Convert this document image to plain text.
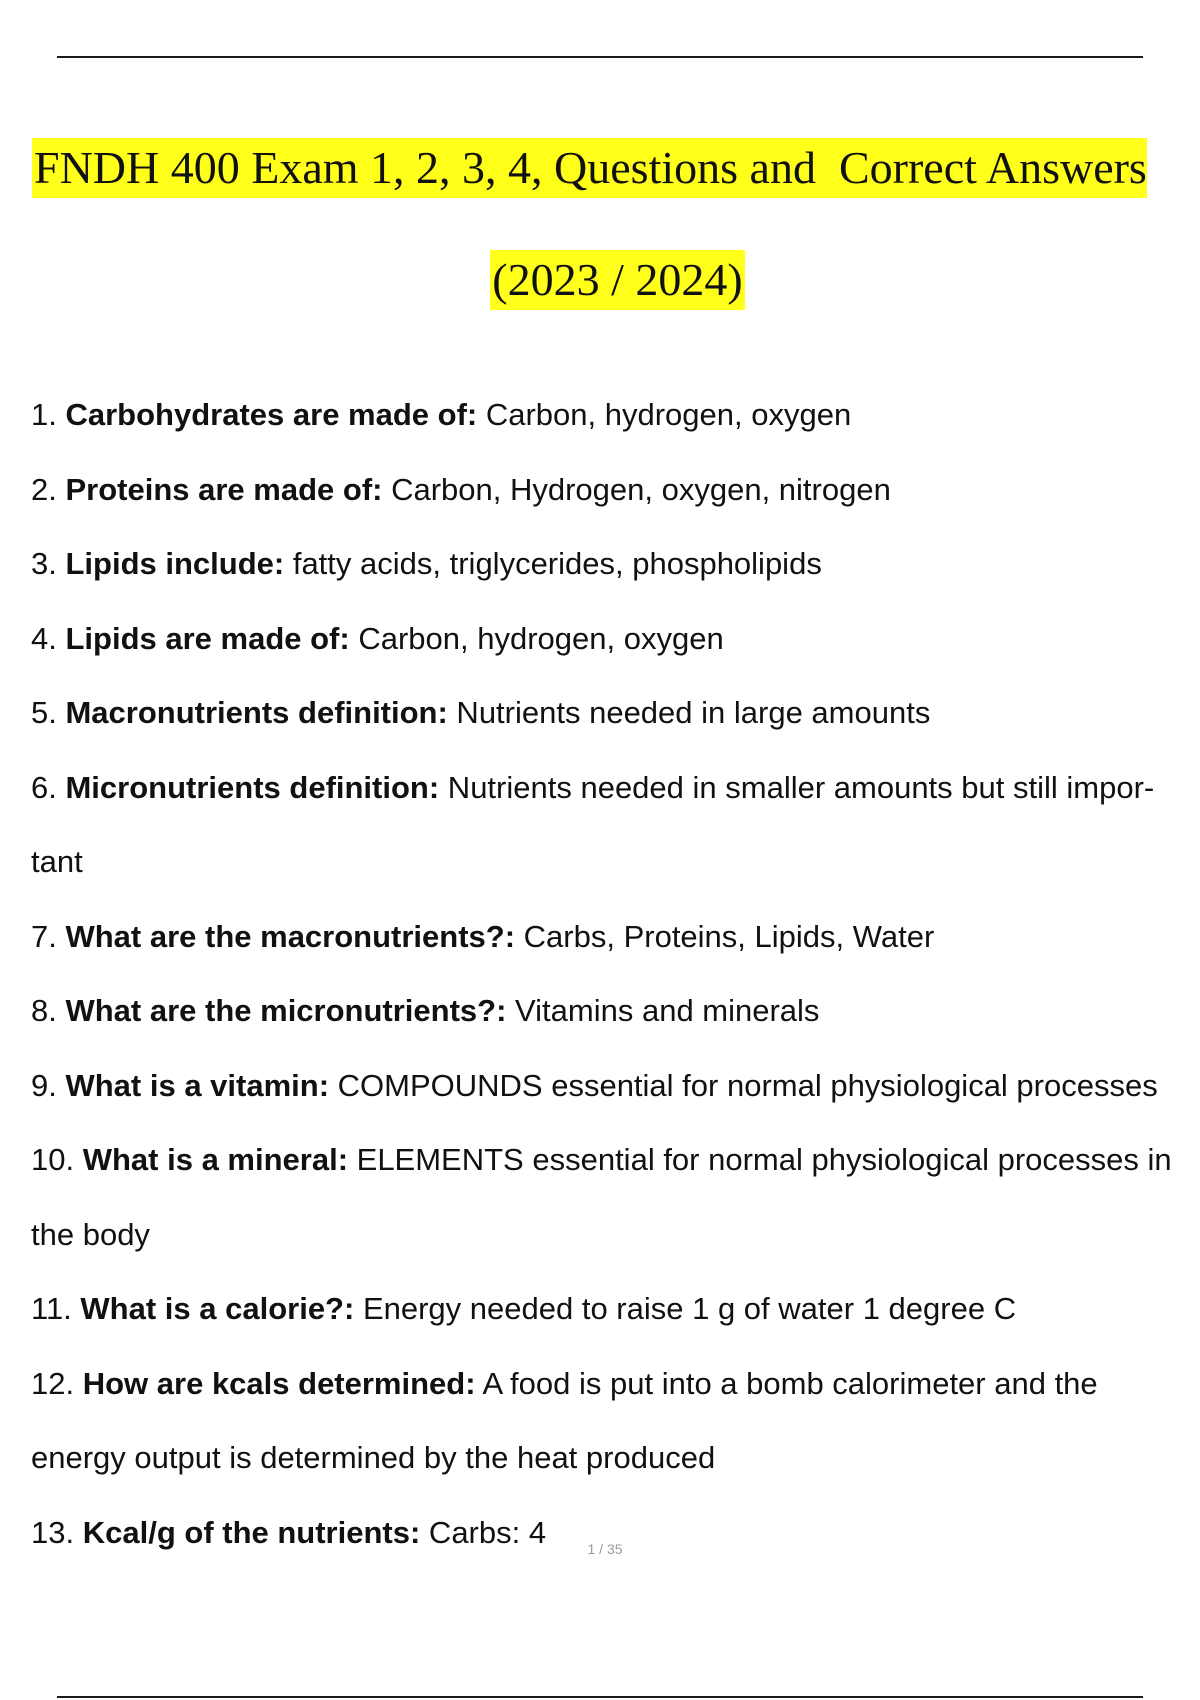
FNDH 400 Exam 1, 2, 3, 4, Questions and  Correct Answers
(2023 / 2024)
1. Carbohydrates are made of: Carbon, hydrogen, oxygen
2. Proteins are made of: Carbon, Hydrogen, oxygen, nitrogen
3. Lipids include: fatty acids, triglycerides, phospholipids
4. Lipids are made of: Carbon, hydrogen, oxygen
5. Macronutrients definition: Nutrients needed in large amounts
6. Micronutrients definition: Nutrients needed in smaller amounts but still impor-
tant
7. What are the macronutrients?: Carbs, Proteins, Lipids, Water
8. What are the micronutrients?: Vitamins and minerals
9. What is a vitamin: COMPOUNDS essential for normal physiological processes
10. What is a mineral: ELEMENTS essential for normal physiological processes in
the body
11. What is a calorie?: Energy needed to raise 1 g of water 1 degree C
12. How are kcals determined: A food is put into a bomb calorimeter and the
energy output is determined by the heat produced
13. Kcal/g of the nutrients: Carbs: 4	1 / 35
